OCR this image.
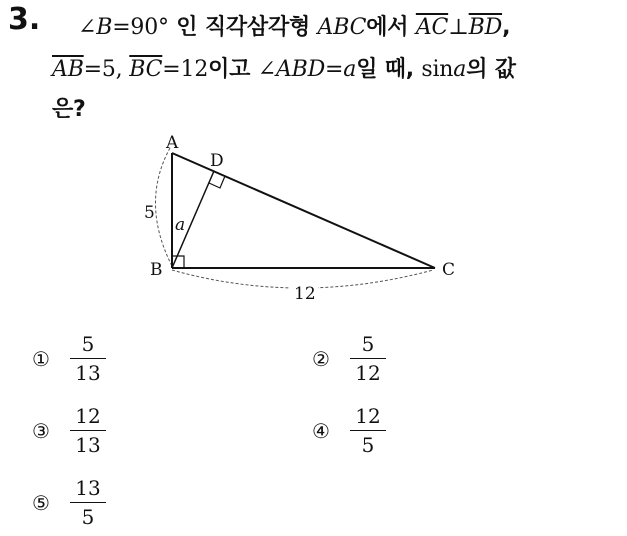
3. ∠B=90° 인 직각삼각형 ABC에서 $\overline{AC}\perp\overline{BD}$,
$\overline{AB}=5$, $\overline{BC}=12$이고 ∠ABD=a일 때, sina의 값
은?
A
B	C
D
5
a
12
①	$\frac{5}{13}$	②	$\frac{5}{12}$
③	$\frac{12}{13}$	④	$\frac{12}{5}$
⑤	$\frac{13}{5}$
